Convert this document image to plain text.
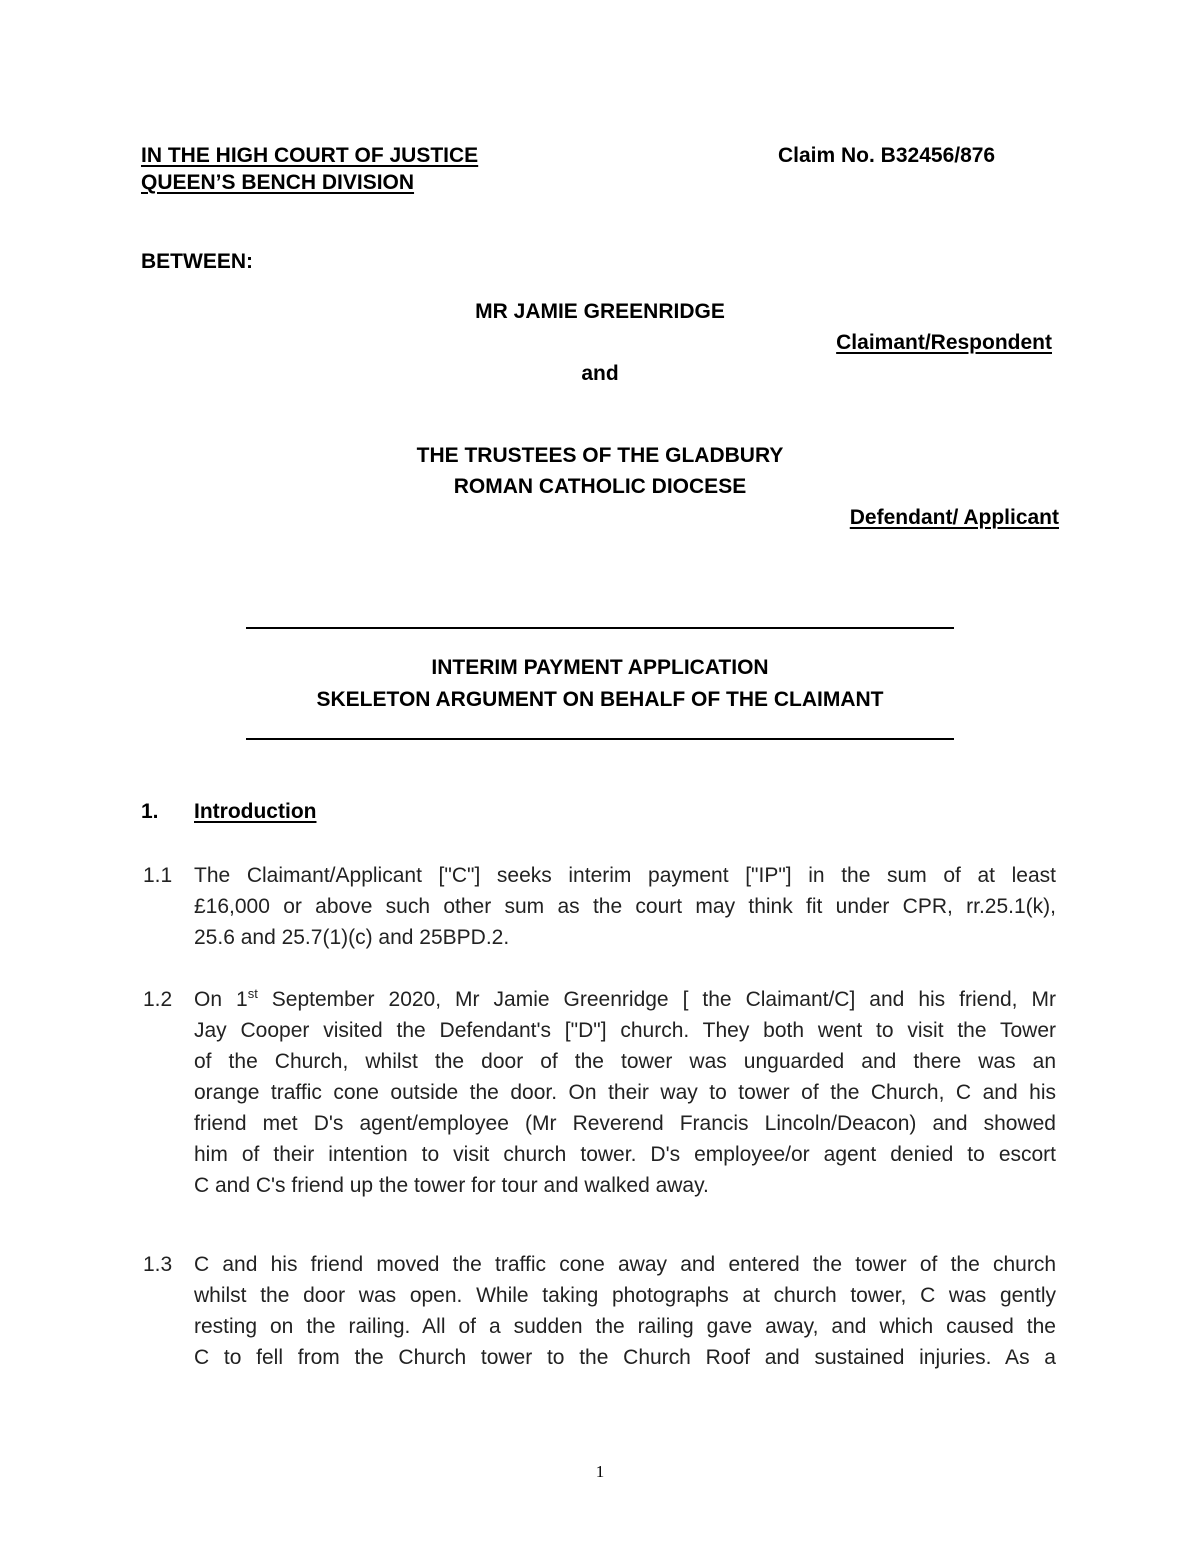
IN THE HIGH COURT OF JUSTICE
QUEEN’S BENCH DIVISION
Claim No. B32456/876
BETWEEN:
MR JAMIE GREENRIDGE
Claimant/Respondent
and
THE TRUSTEES OF THE GLADBURY
ROMAN CATHOLIC DIOCESE
Defendant/ Applicant
INTERIM PAYMENT APPLICATION
SKELETON ARGUMENT ON BEHALF OF THE CLAIMANT
1. Introduction
1.1 The Claimant/Applicant ["C"] seeks interim payment ["IP"] in the sum of at least
£16,000 or above such other sum as the court may think fit under CPR, rr.25.1(k),
25.6 and 25.7(1)(c) and 25BPD.2.
1.2 On 1st September 2020, Mr Jamie Greenridge [ the Claimant/C] and his friend, Mr
Jay Cooper visited the Defendant's ["D"] church. They both went to visit the Tower
of the Church, whilst the door of the tower was unguarded and there was an
orange traffic cone outside the door. On their way to tower of the Church, C and his
friend met D's agent/employee (Mr Reverend Francis Lincoln/Deacon) and showed
him of their intention to visit church tower. D's employee/or agent denied to escort
C and C's friend up the tower for tour and walked away.
1.3 C and his friend moved the traffic cone away and entered the tower of the church
whilst the door was open. While taking photographs at church tower, C was gently
resting on the railing. All of a sudden the railing gave away, and which caused the
C to fell from the Church tower to the Church Roof and sustained injuries. As a
1
